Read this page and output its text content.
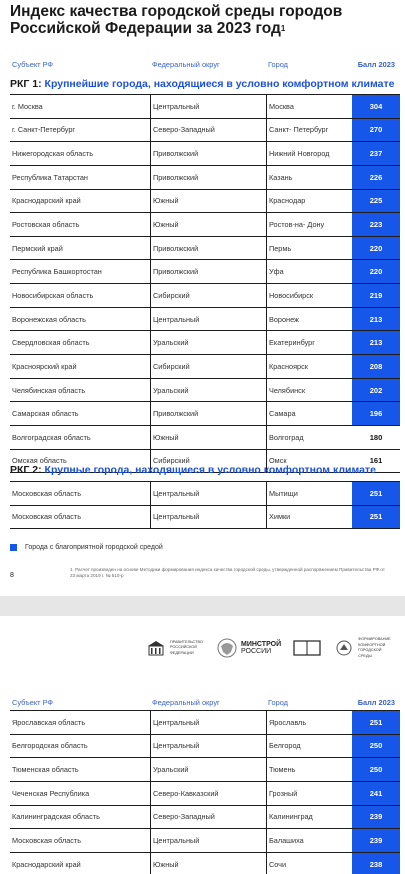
Индекс качества городской среды городов Российской Федерации за 2023 год$^1$
Субъект РФ	Федеральный округ	Город	Балл 2023
РКГ 1: Крупнейшие города, находящиеся в условно комфортном климате
г. Москва	Центральный	Москва	304
г. Санкт-Петербург	Северо-Западный	Санкт- Петербург	270
Нижегородская область	Приволжский	Нижний Новгород	237
Республика Татарстан	Приволжский	Казань	226
Краснодарский край	Южный	Краснодар	225
Ростовская область	Южный	Ростов-на- Дону	223
Пермский край	Приволжский	Пермь	220
Республика Башкортостан	Приволжский	Уфа	220
Новосибирская область	Сибирский	Новосибирск	219
Воронежская область	Центральный	Воронеж	213
Свердловская область	Уральский	Екатеринбург	213
Красноярский край	Сибирский	Красноярск	208
Челябинская область	Уральский	Челябинск	202
Самарская область	Приволжский	Самара	196
Волгоградская область	Южный	Волгоград	180
Омская область	Сибирский	Омск	161
РКГ 2: Крупные города, находящиеся в условно комфортном климате
Московская область	Центральный	Мытищи	251
Московская область	Центральный	Химки	251
Города с благоприятной городской средой
8
1. Расчет произведен на основе Методики формирования индекса качества городской среды, утвержденной распоряжением Правительства РФ от 23 марта 2019 г. № 510-р
ПРАВИТЕЛЬСТВО РОССИЙСКОЙ ФЕДЕРАЦИИ
МИНСТРОЙ
РОССИИ
ФОРМИРОВАНИЕ КОМФОРТНОЙ ГОРОДСКОЙ СРЕДЫ
Субъект РФ	Федеральный округ	Город	Балл 2023
Ярославская область	Центральный	Ярославль	251
Белгородская область	Центральный	Белгород	250
Тюменская область	Уральский	Тюмень	250
Чеченская Республика	Северо-Кавказский	Грозный	241
Калининградская область	Северо-Западный	Калининград	239
Московская область	Центральный	Балашиха	239
Краснодарский край	Южный	Сочи	238
